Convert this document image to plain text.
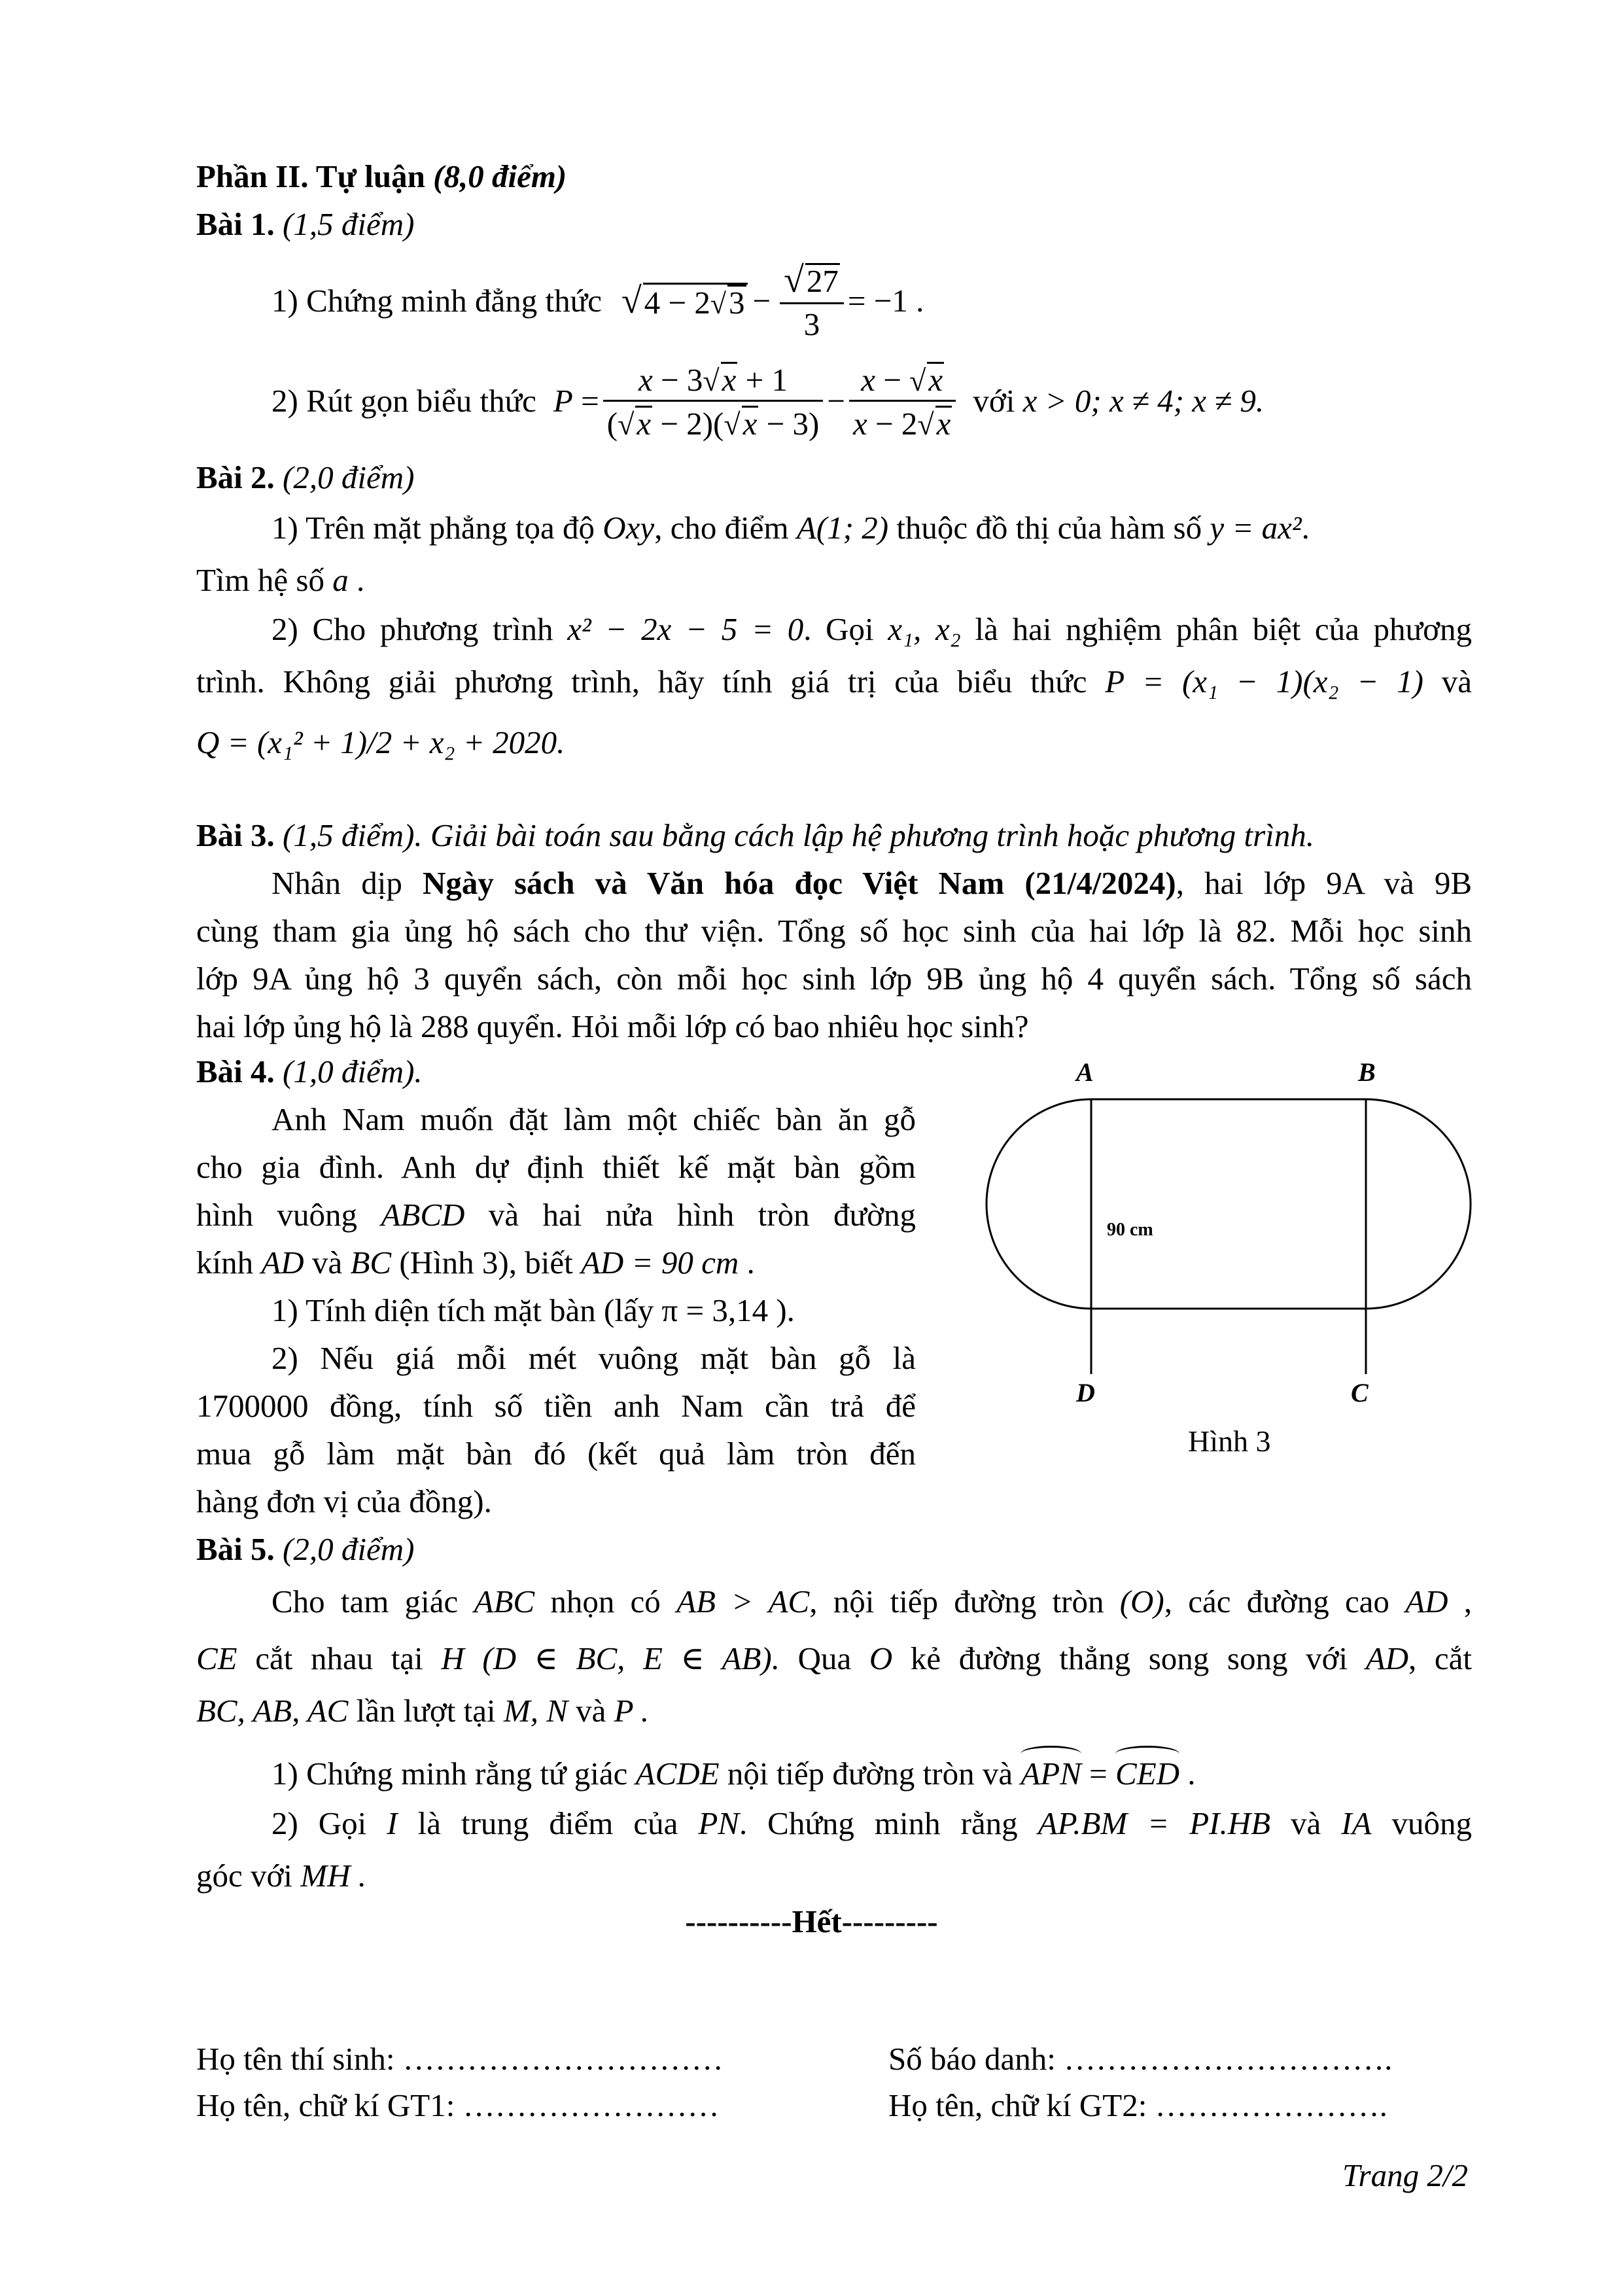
Phần II. Tự luận (8,0 điểm)
Bài 1. (1,5 điểm)
1) Chứng minh đẳng thức √ $4 - 2√3 - \frac{√27}{3} = -1$ .
2) Rút gọn biểu thức $P = \frac{x - 3√x + 1}{(√x - 2)(√x - 3)} - \frac{x - √x}{x - 2√x}$ với x > 0; x ≠ 4; x ≠ 9.
Bài 2. (2,0 điểm)
1) Trên mặt phẳng tọa độ Oxy, cho điểm A(1; 2) thuộc đồ thị của hàm số y = ax².
Tìm hệ số a .
2) Cho phương trình x² − 2x − 5 = 0. Gọi x₁, x₂ là hai nghiệm phân biệt của phương
trình. Không giải phương trình, hãy tính giá trị của biểu thức P = (x₁ − 1)(x₂ − 1) và
Q = (x₁² + 1)/2 + x₂ + 2020.
Bài 3. (1,5 điểm). Giải bài toán sau bằng cách lập hệ phương trình hoặc phương trình.
Nhân dịp Ngày sách và Văn hóa đọc Việt Nam (21/4/2024), hai lớp 9A và 9B
cùng tham gia ủng hộ sách cho thư viện. Tổng số học sinh của hai lớp là 82. Mỗi học sinh
lớp 9A ủng hộ 3 quyển sách, còn mỗi học sinh lớp 9B ủng hộ 4 quyển sách. Tổng số sách
hai lớp ủng hộ là 288 quyển. Hỏi mỗi lớp có bao nhiêu học sinh?
Bài 4. (1,0 điểm).
Anh Nam muốn đặt làm một chiếc bàn ăn gỗ
cho gia đình. Anh dự định thiết kế mặt bàn gồm
hình vuông ABCD và hai nửa hình tròn đường
kính AD và BC (Hình 3), biết AD = 90 cm .
1) Tính diện tích mặt bàn (lấy π = 3,14 ).
2) Nếu giá mỗi mét vuông mặt bàn gỗ là
1700000 đồng, tính số tiền anh Nam cần trả để
mua gỗ làm mặt bàn đó (kết quả làm tròn đến
hàng đơn vị của đồng).
A	B
D	C
90 cm
Hình 3
Bài 5. (2,0 điểm)
Cho tam giác ABC nhọn có AB > AC, nội tiếp đường tròn (O), các đường cao AD ,
CE cắt nhau tại H (D ∈ BC, E ∈ AB). Qua O kẻ đường thẳng song song với AD, cắt
BC, AB, AC lần lượt tại M, N và P .
1) Chứng minh rằng tứ giác ACDE nội tiếp đường tròn và APN = CED .
2) Gọi I là trung điểm của PN. Chứng minh rằng AP.BM = PI.HB và IA vuông
góc với MH .
----------Hết---------
Họ tên thí sinh: …………………………	Số báo danh: ………………………….
Họ tên, chữ kí GT1: ……………………	Họ tên, chữ kí GT2: ………………….
Trang 2/2
